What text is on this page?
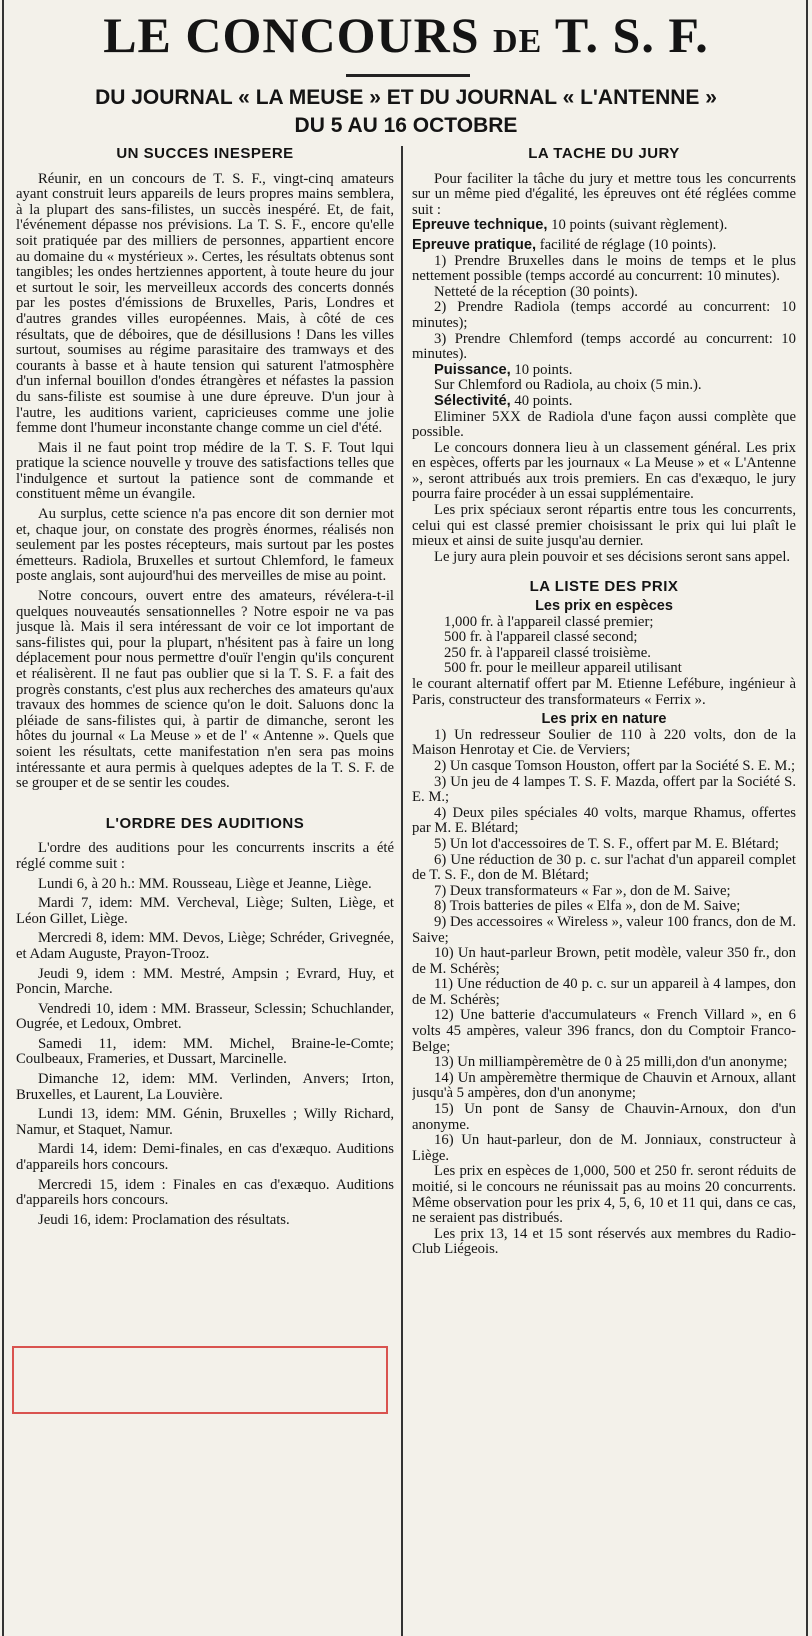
LE CONCOURS DE T. S. F.
DU JOURNAL « LA MEUSE » ET DU JOURNAL « L'ANTENNE »
DU 5 AU 16 OCTOBRE

UN SUCCES INESPERE

Réunir, en un concours de T. S. F., vingt-cinq amateurs ayant construit leurs appareils de leurs propres mains semblera, à la plupart des sans-filistes, un succès inespéré. Et, de fait, l'événement dépasse nos prévisions. La T. S. F., encore qu'elle soit pratiquée par des milliers de personnes, appartient encore au domaine du « mystérieux ». Certes, les résultats obtenus sont tangibles; les ondes hertziennes apportent, à toute heure du jour et surtout le soir, les merveilleux accords des concerts donnés par les postes d'émissions de Bruxelles, Paris, Londres et d'autres grandes villes européennes. Mais, à côté de ces résultats, que de déboires, que de désillusions ! Dans les villes surtout, soumises au régime parasitaire des tramways et des courants à basse et à haute tension qui saturent l'atmosphère d'un infernal bouillon d'ondes étrangères et néfastes la passion du sans-filiste est soumise à une dure épreuve. D'un jour à l'autre, les auditions varient, capricieuses comme une jolie femme dont l'humeur inconstante change comme un ciel d'été.

Mais il ne faut point trop médire de la T. S. F. Tout lqui pratique la science nouvelle y trouve des satisfactions telles que l'indulgence et surtout la patience sont de commande et constituent même un évangile.

Au surplus, cette science n'a pas encore dit son dernier mot et, chaque jour, on constate des progrès énormes, réalisés non seulement par les postes récepteurs, mais surtout par les postes émetteurs. Radiola, Bruxelles et surtout Chlemford, le fameux poste anglais, sont aujourd'hui des merveilles de mise au point.

Notre concours, ouvert entre des amateurs, révélera-t-il quelques nouveautés sensationnelles ? Notre espoir ne va pas jusque là. Mais il sera intéressant de voir ce lot important de sans-filistes qui, pour la plupart, n'hésitent pas à faire un long déplacement pour nous permettre d'ouïr l'engin qu'ils conçurent et réalisèrent. Il ne faut pas oublier que si la T. S. F. a fait des progrès constants, c'est plus aux recherches des amateurs qu'aux travaux des hommes de science qu'on le doit. Saluons donc la pléiade de sans-filistes qui, à partir de dimanche, seront les hôtes du journal « La Meuse » et de l' « Antenne ». Quels que soient les résultats, cette manifestation n'en sera pas moins intéressante et aura permis à quelques adeptes de la T. S. F. de se grouper et de se sentir les coudes.

L'ORDRE DES AUDITIONS

L'ordre des auditions pour les concurrents inscrits a été réglé comme suit :

Lundi 6, à 20 h.: MM. Rousseau, Liège et Jeanne, Liège.

Mardi 7, idem: MM. Vercheval, Liège; Sulten, Liège, et Léon Gillet, Liège.

Mercredi 8, idem: MM. Devos, Liège; Schréder, Grivegnée, et Adam Auguste, Prayon-Trooz.

Jeudi 9, idem : MM. Mestré, Ampsin ; Evrard, Huy, et Poncin, Marche.

Vendredi 10, idem : MM. Brasseur, Sclessin; Schuchlander, Ougrée, et Ledoux, Ombret.

Samedi 11, idem: MM. Michel, Braine-le-Comte; Coulbeaux, Frameries, et Dussart, Marcinelle.

Dimanche 12, idem: MM. Verlinden, Anvers; Irton, Bruxelles, et Laurent, La Louvière.

Lundi 13, idem: MM. Génin, Bruxelles ; Willy Richard, Namur, et Staquet, Namur.

Mardi 14, idem: Demi-finales, en cas d'exæquo. Auditions d'appareils hors concours.

Mercredi 15, idem : Finales en cas d'exæquo. Auditions d'appareils hors concours.

Jeudi 16, idem: Proclamation des résultats.

LA TACHE DU JURY

Pour faciliter la tâche du jury et mettre tous les concurrents sur un même pied d'égalité, les épreuves ont été réglées comme suit :

Epreuve technique, 10 points (suivant règlement).

Epreuve pratique, facilité de réglage (10 points).

1) Prendre Bruxelles dans le moins de temps et le plus nettement possible (temps accordé au concurrent: 10 minutes).

Netteté de la réception (30 points).

2) Prendre Radiola (temps accordé au concurrent: 10 minutes);

3) Prendre Chlemford (temps accordé au concurrent: 10 minutes).

Puissance, 10 points.

Sur Chlemford ou Radiola, au choix (5 min.).

Sélectivité, 40 points.

Eliminer 5XX de Radiola d'une façon aussi complète que possible.

Le concours donnera lieu à un classement général. Les prix en espèces, offerts par les journaux « La Meuse » et « L'Antenne », seront attribués aux trois premiers. En cas d'exæquo, le jury pourra faire procéder à un essai supplémentaire.

Les prix spéciaux seront répartis entre tous les concurrents, celui qui est classé premier choisissant le prix qui lui plaît le mieux et ainsi de suite jusqu'au dernier.

Le jury aura plein pouvoir et ses décisions seront sans appel.

LA LISTE DES PRIX

Les prix en espèces

1,000 fr. à l'appareil classé premier;

500 fr. à l'appareil classé second;

250 fr. à l'appareil classé troisième.

500 fr. pour le meilleur appareil utilisant

le courant alternatif offert par M. Etienne Lefébure, ingénieur à Paris, constructeur des transformateurs « Ferrix ».

Les prix en nature

1) Un redresseur Soulier de 110 à 220 volts, don de la Maison Henrotay et Cie. de Verviers;

2) Un casque Tomson Houston, offert par la Société S. E. M.;

3) Un jeu de 4 lampes T. S. F. Mazda, offert par la Société S. E. M.;

4) Deux piles spéciales 40 volts, marque Rhamus, offertes par M. E. Blétard;

5) Un lot d'accessoires de T. S. F., offert par M. E. Blétard;

6) Une réduction de 30 p. c. sur l'achat d'un appareil complet de T. S. F., don de M. Blétard;

7) Deux transformateurs « Far », don de M. Saive;

8) Trois batteries de piles « Elfa », don de M. Saive;

9) Des accessoires « Wireless », valeur 100 francs, don de M. Saive;

10) Un haut-parleur Brown, petit modèle, valeur 350 fr., don de M. Schérès;

11) Une réduction de 40 p. c. sur un appareil à 4 lampes, don de M. Schérès;

12) Une batterie d'accumulateurs « French Villard », en 6 volts 45 ampères, valeur 396 francs, don du Comptoir Franco-Belge;

13) Un milliampèremètre de 0 à 25 milli,don d'un anonyme;

14) Un ampèremètre thermique de Chauvin et Arnoux, allant jusqu'à 5 ampères, don d'un anonyme;

15) Un pont de Sansy de Chauvin-Arnoux, don d'un anonyme.

16) Un haut-parleur, don de M. Jonniaux, constructeur à Liège.

Les prix en espèces de 1,000, 500 et 250 fr. seront réduits de moitié, si le concours ne réunissait pas au moins 20 concurrents. Même observation pour les prix 4, 5, 6, 10 et 11 qui, dans ce cas, ne seraient pas distribués.

Les prix 13, 14 et 15 sont réservés aux membres du Radio-Club Liégeois.
